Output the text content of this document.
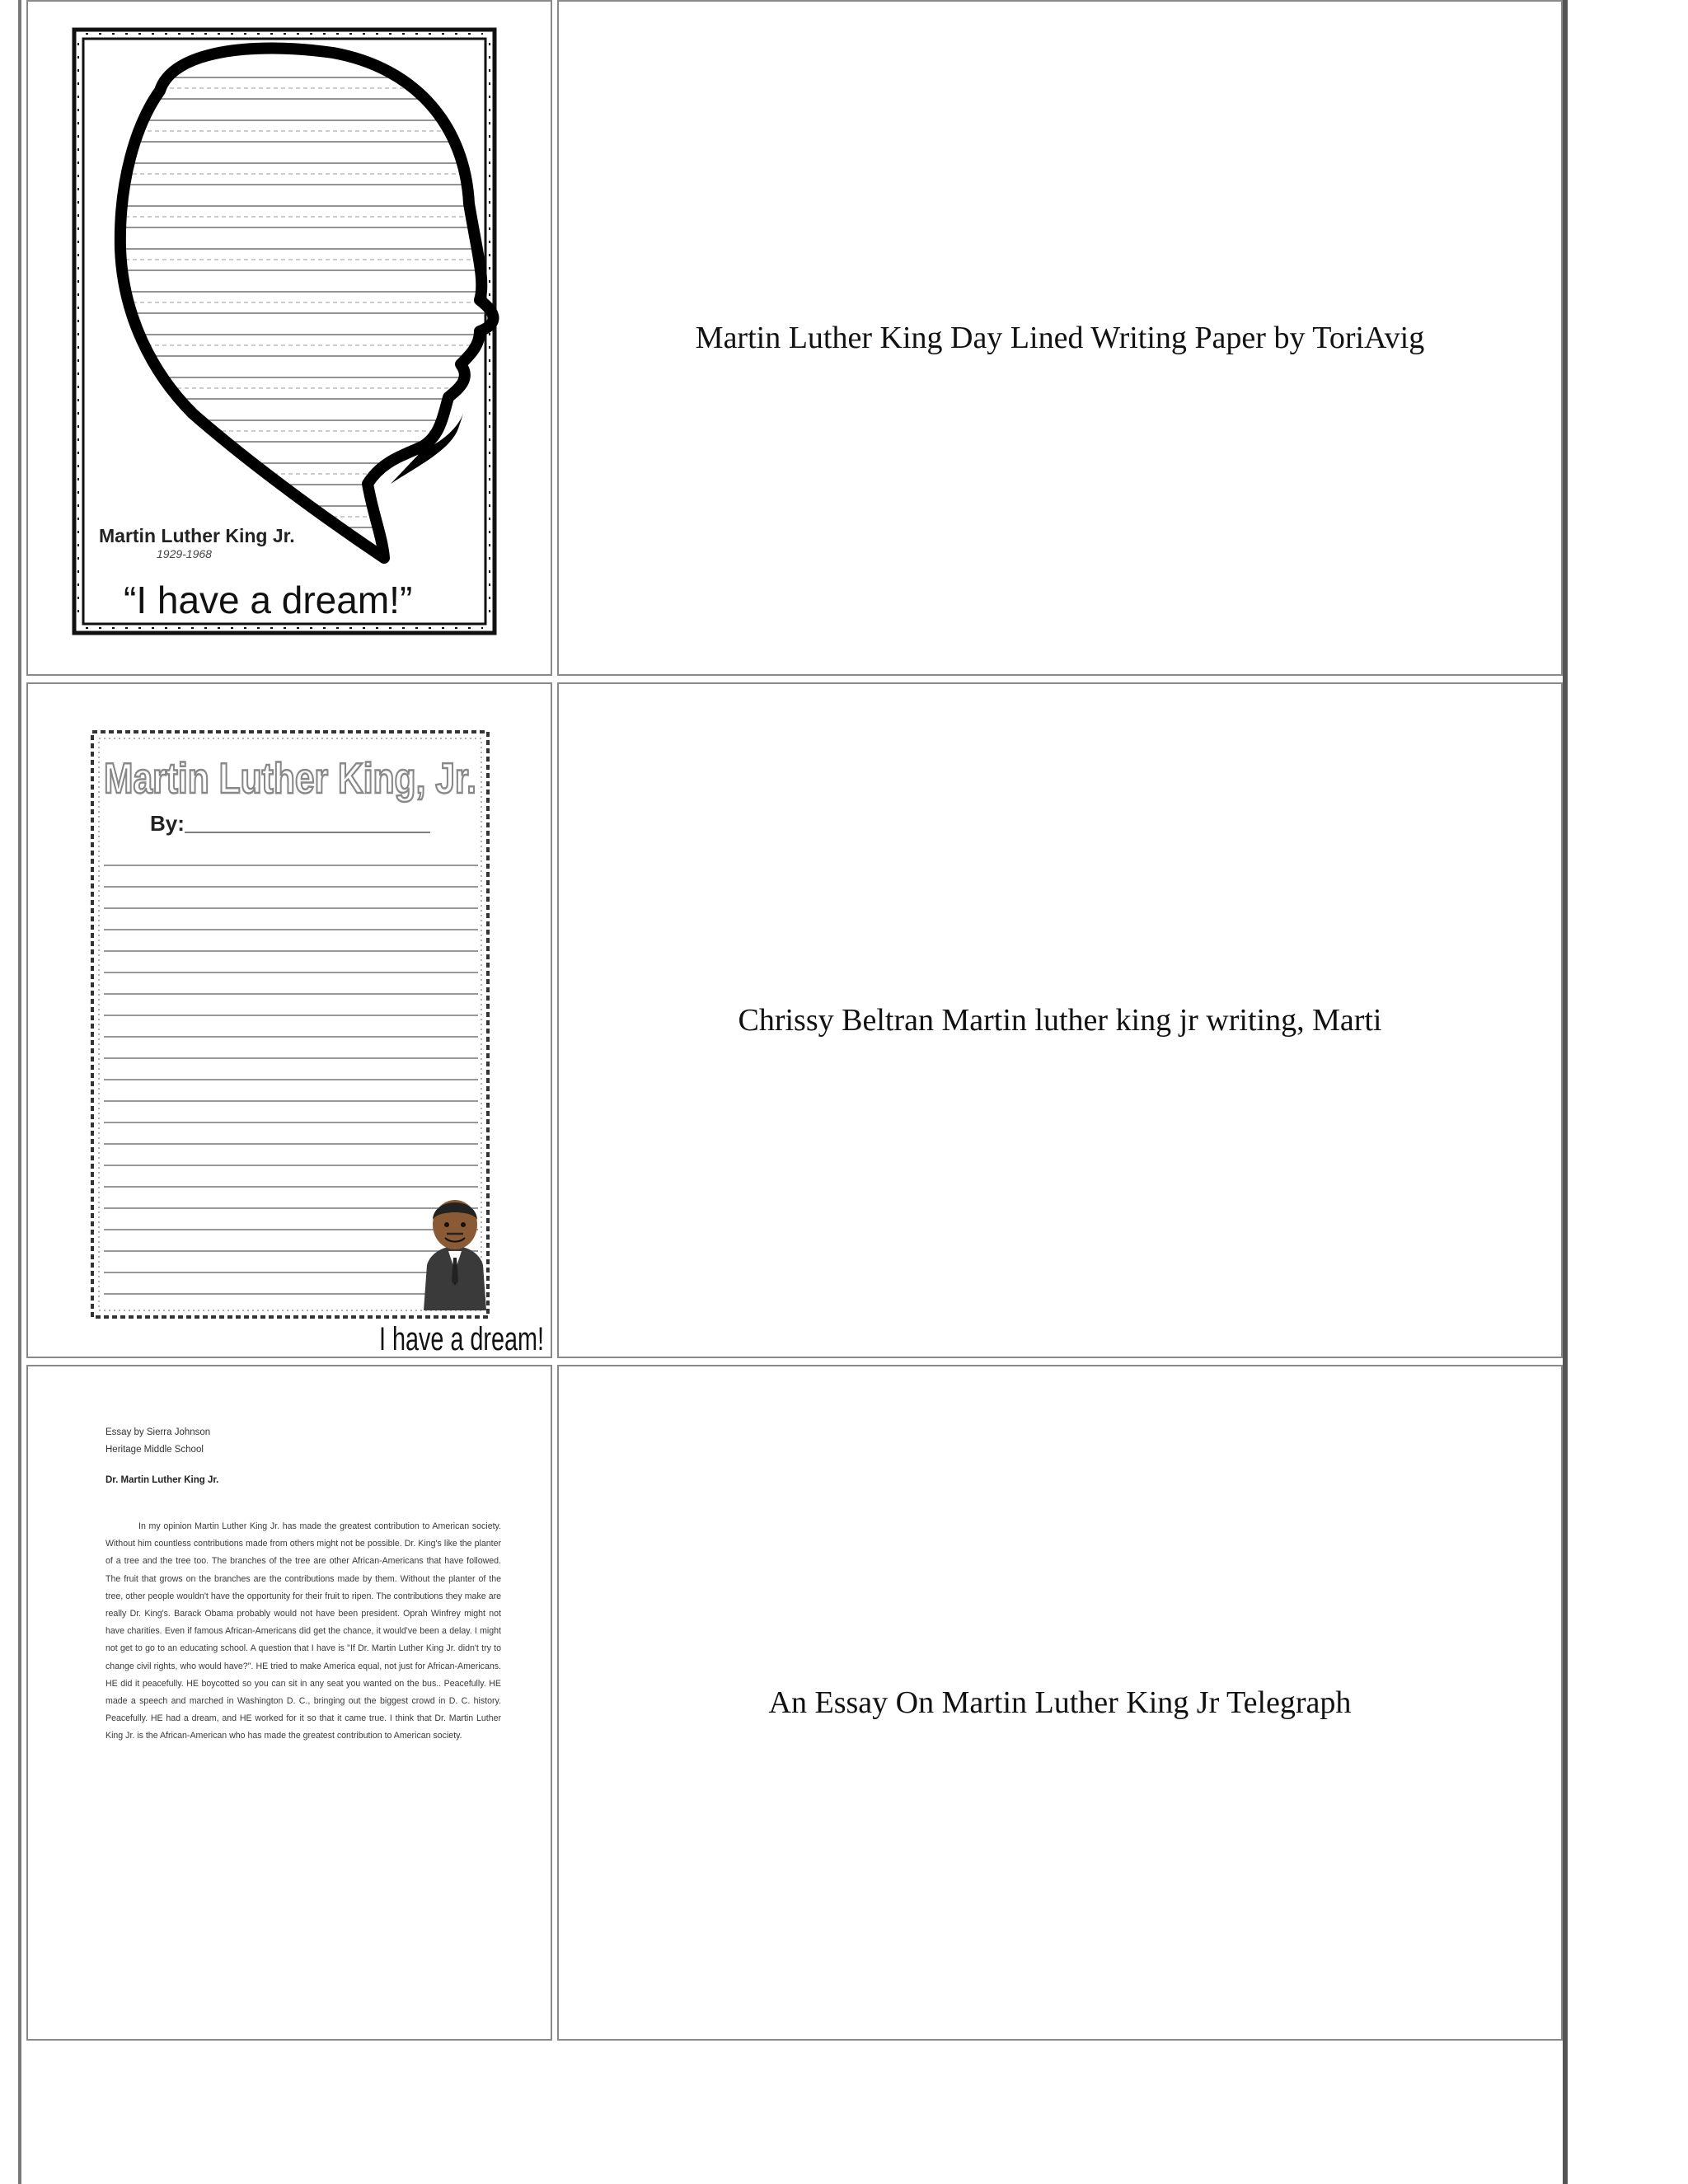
Martin Luther King Jr.
1929-1968
“I have a dream!”
Martin Luther King Day Lined Writing Paper by ToriAvig
Martin Luther King, Jr.
By:
I have a dream!
Chrissy Beltran Martin luther king jr writing, Marti
Essay by Sierra Johnson
Heritage Middle School
Dr. Martin Luther King Jr.
In my opinion Martin Luther King Jr. has made the greatest contribution to American society. Without him countless contributions made from others might not be possible. Dr. King's like the planter of a tree and the tree too. The branches of the tree are other African-Americans that have followed. The fruit that grows on the branches are the contributions made by them. Without the planter of the tree, other people wouldn't have the opportunity for their fruit to ripen. The contributions they make are really Dr. King's. Barack Obama probably would not have been president. Oprah Winfrey might not have charities. Even if famous African-Americans did get the chance, it would've been a delay. I might not get to go to an educating school. A question that I have is "If Dr. Martin Luther King Jr. didn't try to change civil rights, who would have?". HE tried to make America equal, not just for African-Americans. HE did it peacefully. HE boycotted so you can sit in any seat you wanted on the bus.. Peacefully. HE made a speech and marched in Washington D. C., bringing out the biggest crowd in D. C. history. Peacefully. HE had a dream, and HE worked for it so that it came true. I think that Dr. Martin Luther King Jr. is the African-American who has made the greatest contribution to American society.
An Essay On Martin Luther King Jr Telegraph
